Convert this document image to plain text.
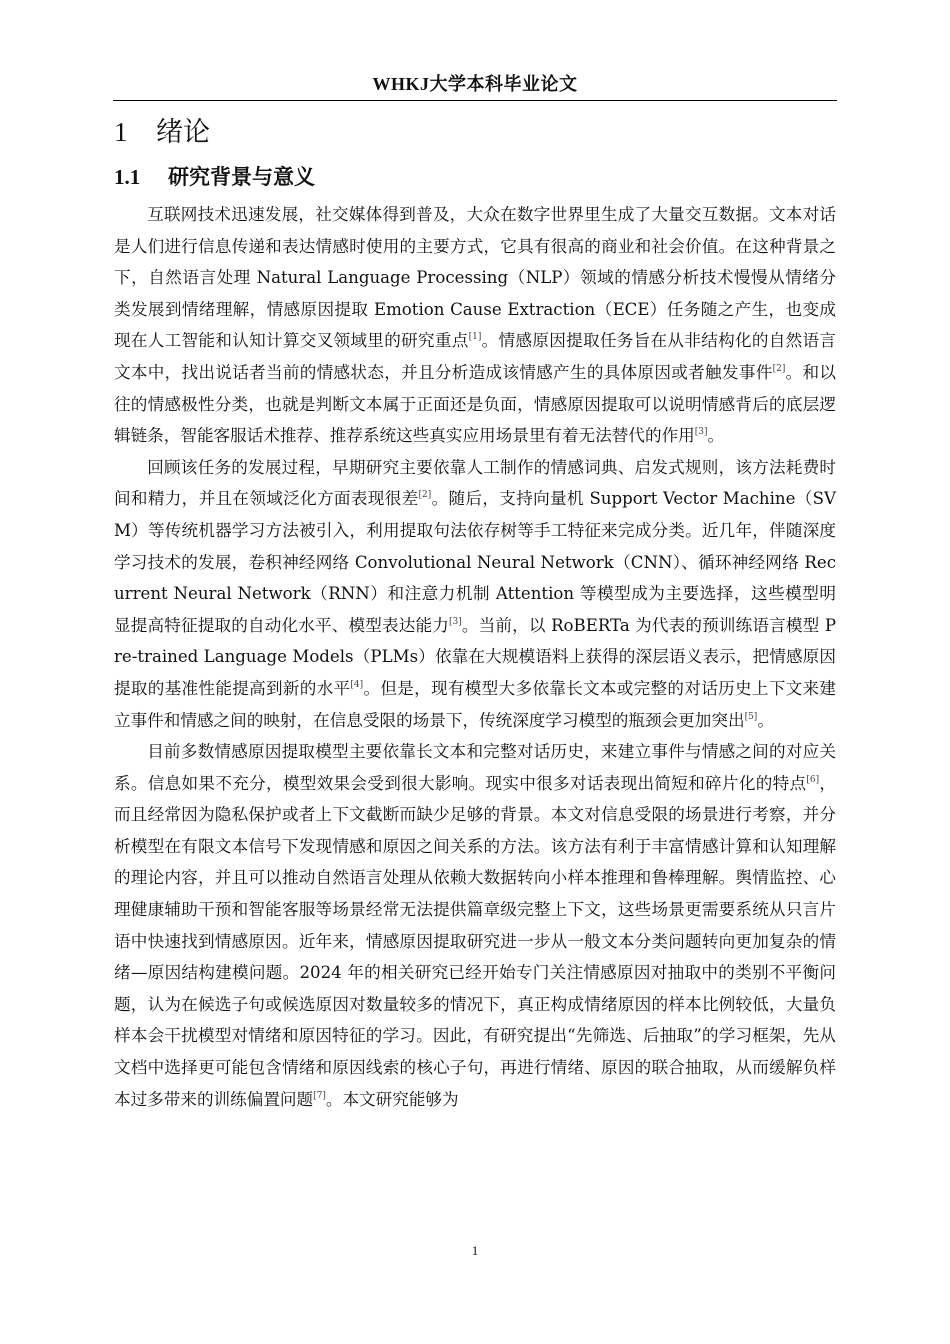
WHKJ大学本科毕业论文
1 绪论
1.1 研究背景与意义

互联网技术迅速发展，社交媒体得到普及，大众在数字世界里生成了大量交互数据。文本对话是人们进行信息传递和表达情感时使用的主要方式，它具有很高的商业和社会价值。在这种背景之下，自然语言处理 Natural Language Processing（NLP）领域的情感分析技术慢慢从情绪分类发展到情绪理解，情感原因提取 Emotion Cause Extraction（ECE）任务随之产生，也变成现在人工智能和认知计算交叉领域里的研究重点[1]。情感原因提取任务旨在从非结构化的自然语言文本中，找出说话者当前的情感状态，并且分析造成该情感产生的具体原因或者触发事件[2]。和以往的情感极性分类，也就是判断文本属于正面还是负面，情感原因提取可以说明情感背后的底层逻辑链条，智能客服话术推荐、推荐系统这些真实应用场景里有着无法替代的作用[3]。

回顾该任务的发展过程，早期研究主要依靠人工制作的情感词典、启发式规则，该方法耗费时间和精力，并且在领域泛化方面表现很差[2]。随后，支持向量机 Support Vector Machine（SVM）等传统机器学习方法被引入，利用提取句法依存树等手工特征来完成分类。近几年，伴随深度学习技术的发展，卷积神经网络 Convolutional Neural Network（CNN）、循环神经网络 Recurrent Neural Network（RNN）和注意力机制 Attention 等模型成为主要选择，这些模型明显提高特征提取的自动化水平、模型表达能力[3]。当前，以 RoBERTa 为代表的预训练语言模型 Pre-trained Language Models（PLMs）依靠在大规模语料上获得的深层语义表示，把情感原因提取的基准性能提高到新的水平[4]。但是，现有模型大多依靠长文本或完整的对话历史上下文来建立事件和情感之间的映射，在信息受限的场景下，传统深度学习模型的瓶颈会更加突出[5]。

目前多数情感原因提取模型主要依靠长文本和完整对话历史，来建立事件与情感之间的对应关系。信息如果不充分，模型效果会受到很大影响。现实中很多对话表现出简短和碎片化的特点[6]，而且经常因为隐私保护或者上下文截断而缺少足够的背景。本文对信息受限的场景进行考察，并分析模型在有限文本信号下发现情感和原因之间关系的方法。该方法有利于丰富情感计算和认知理解的理论内容，并且可以推动自然语言处理从依赖大数据转向小样本推理和鲁棒理解。舆情监控、心理健康辅助干预和智能客服等场景经常无法提供篇章级完整上下文，这些场景更需要系统从只言片语中快速找到情感原因。近年来，情感原因提取研究进一步从一般文本分类问题转向更加复杂的情绪—原因结构建模问题。2024 年的相关研究已经开始专门关注情感原因对抽取中的类别不平衡问题，认为在候选子句或候选原因对数量较多的情况下，真正构成情绪原因的样本比例较低，大量负样本会干扰模型对情绪和原因特征的学习。因此，有研究提出“先筛选、后抽取”的学习框架，先从文档中选择更可能包含情绪和原因线索的核心子句，再进行情绪、原因的联合抽取，从而缓解负样本过多带来的训练偏置问题[7]。本文研究能够为

1
